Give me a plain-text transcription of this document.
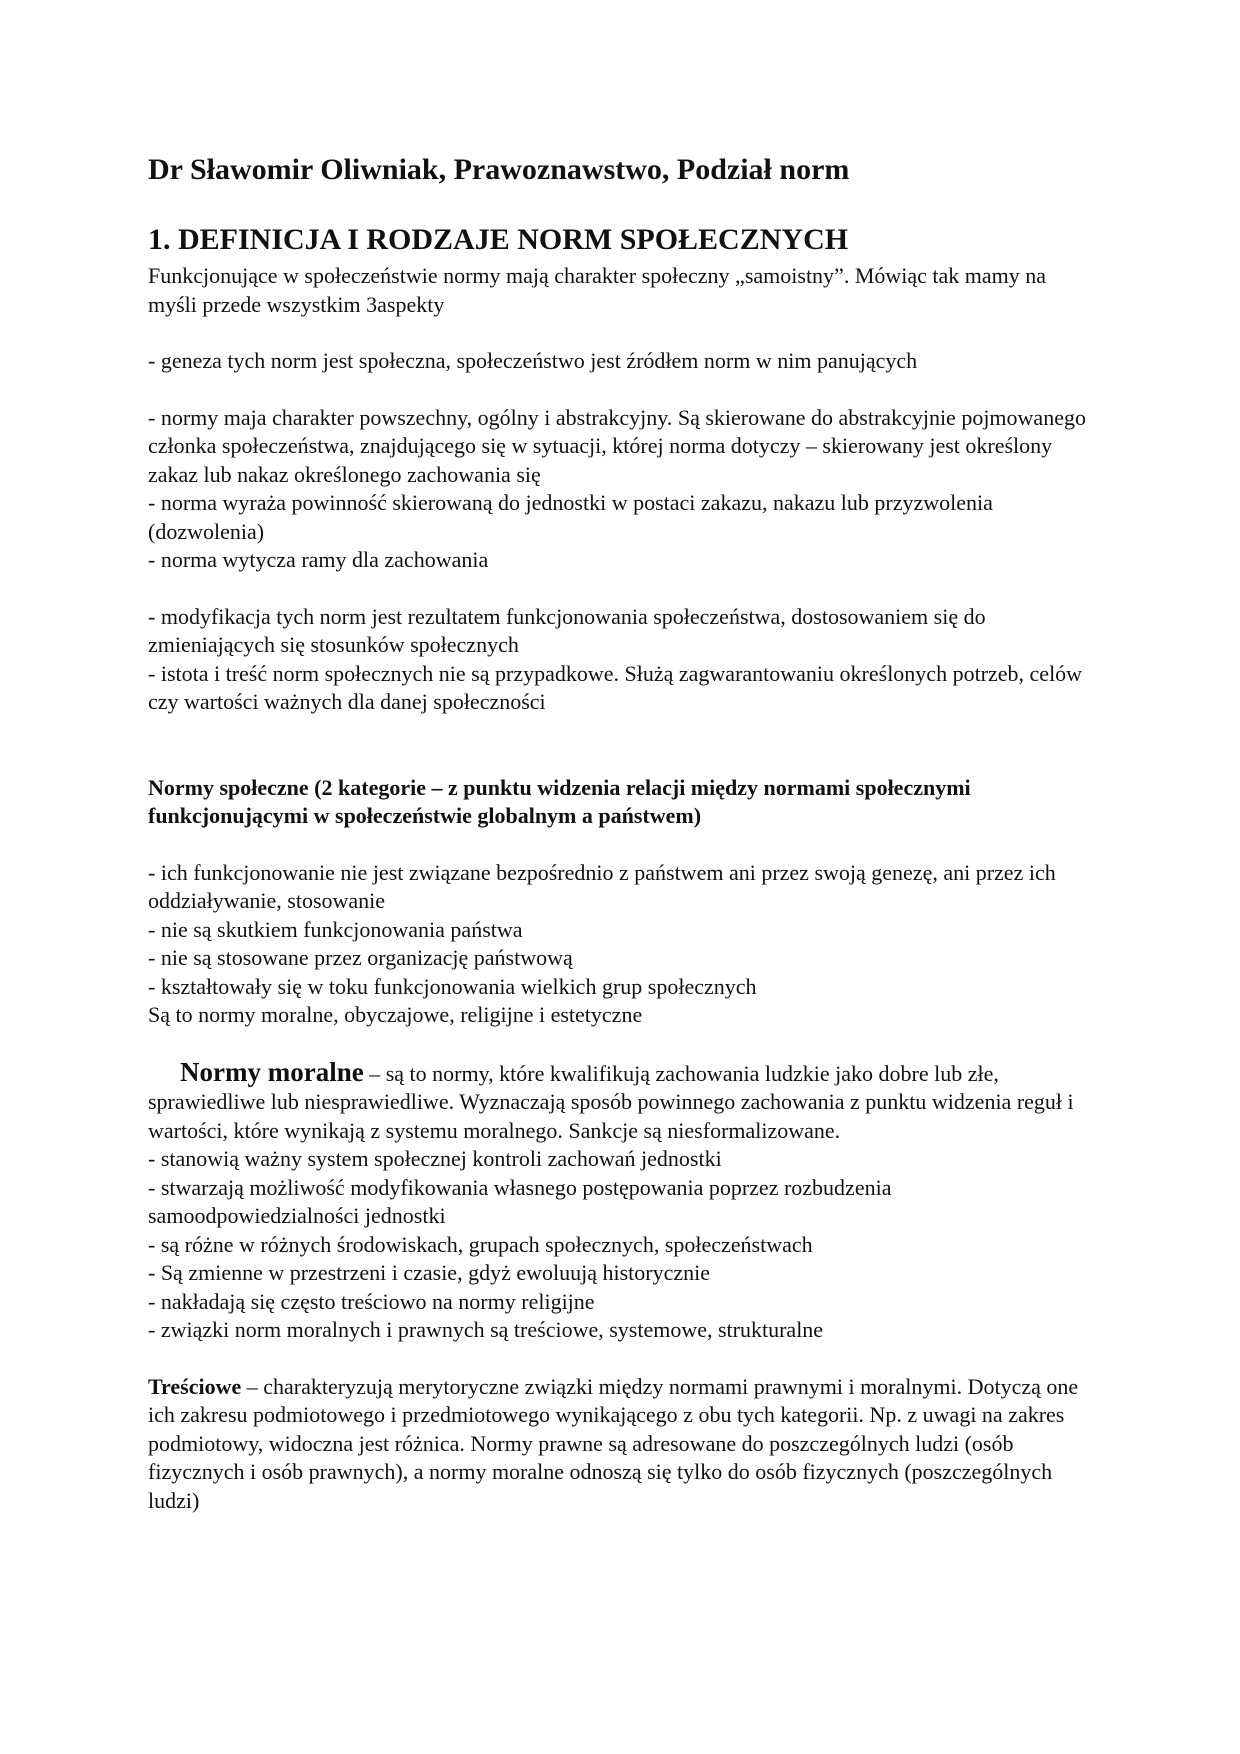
Dr Sławomir Oliwniak, Prawoznawstwo, Podział norm
1. DEFINICJA I RODZAJE NORM SPOŁECZNYCH

Funkcjonujące w społeczeństwie normy mają charakter społeczny „samoistny”. Mówiąc tak mamy na myśli przede wszystkim 3aspekty

- geneza tych norm jest społeczna, społeczeństwo jest źródłem norm w nim panujących

- normy maja charakter powszechny, ogólny i abstrakcyjny. Są skierowane do abstrakcyjnie pojmowanego członka społeczeństwa, znajdującego się w sytuacji, której norma dotyczy – skierowany jest określony zakaz lub nakaz określonego zachowania się

- norma wyraża powinność skierowaną do jednostki w postaci zakazu, nakazu lub przyzwolenia (dozwolenia)

- norma wytycza ramy dla zachowania

- modyfikacja tych norm jest rezultatem funkcjonowania społeczeństwa, dostosowaniem się do zmieniających się stosunków społecznych

- istota i treść norm społecznych nie są przypadkowe. Służą zagwarantowaniu określonych potrzeb, celów czy wartości ważnych dla danej społeczności

Normy społeczne (2 kategorie – z punktu widzenia relacji między normami społecznymi funkcjonującymi w społeczeństwie globalnym a państwem)

- ich funkcjonowanie nie jest związane bezpośrednio z państwem ani przez swoją genezę, ani przez ich oddziaływanie, stosowanie

- nie są skutkiem funkcjonowania państwa

- nie są stosowane przez organizację państwową

- kształtowały się w toku funkcjonowania wielkich grup społecznych

Są to normy moralne, obyczajowe, religijne i estetyczne

Normy moralne – są to normy, które kwalifikują zachowania ludzkie jako dobre lub złe, sprawiedliwe lub niesprawiedliwe. Wyznaczają sposób powinnego zachowania z punktu widzenia reguł i wartości, które wynikają z systemu moralnego. Sankcje są niesformalizowane.

- stanowią ważny system społecznej kontroli zachowań jednostki

- stwarzają możliwość modyfikowania własnego postępowania poprzez rozbudzenia samoodpowiedzialności jednostki

- są różne w różnych środowiskach, grupach społecznych, społeczeństwach

- Są zmienne w przestrzeni i czasie, gdyż ewoluują historycznie

- nakładają się często treściowo na normy religijne

- związki norm moralnych i prawnych są treściowe, systemowe, strukturalne

Treściowe – charakteryzują merytoryczne związki między normami prawnymi i moralnymi. Dotyczą one ich zakresu podmiotowego i przedmiotowego wynikającego z obu tych kategorii. Np. z uwagi na zakres podmiotowy, widoczna jest różnica. Normy prawne są adresowane do poszczególnych ludzi (osób fizycznych i osób prawnych), a normy moralne odnoszą się tylko do osób fizycznych (poszczególnych ludzi)
